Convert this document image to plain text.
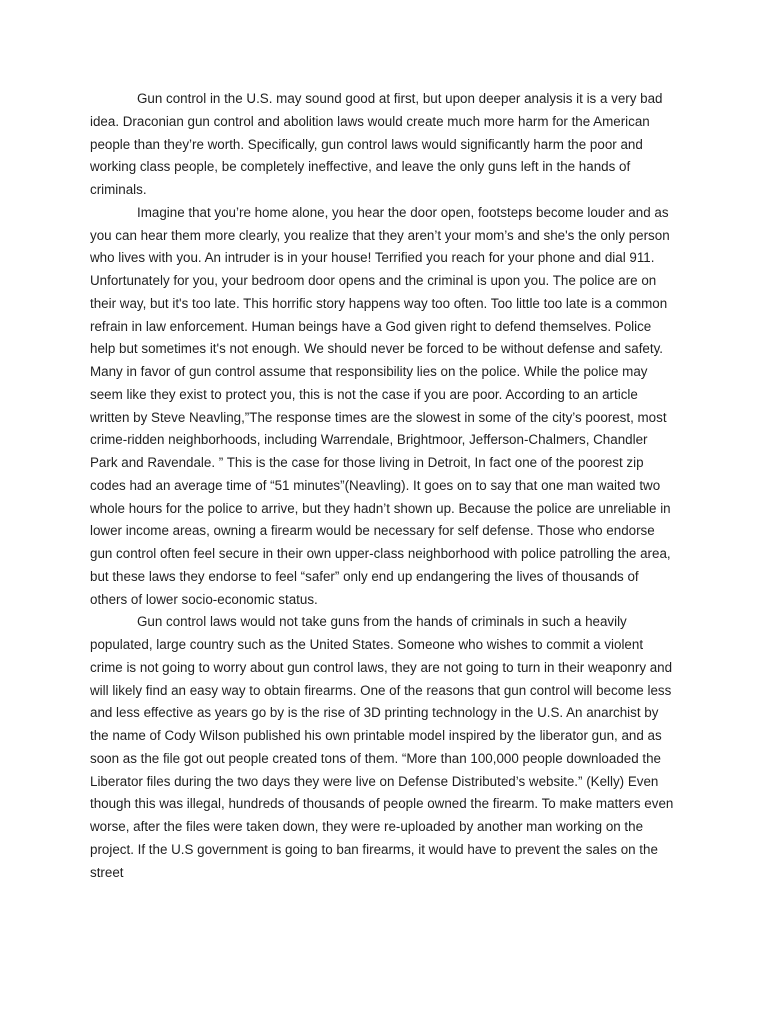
Gun control in the U.S. may sound good at first, but upon deeper analysis it is a very bad idea. Draconian gun control and abolition laws would create much more harm for the American people than they’re worth. Specifically, gun control laws would significantly harm the poor and working class people, be completely ineffective, and leave the only guns left in the hands of criminals.

Imagine that you’re home alone, you hear the door open, footsteps become louder and as you can hear them more clearly, you realize that they aren’t your mom’s and she's the only person who lives with you. An intruder is in your house! Terrified you reach for your phone and dial 911. Unfortunately for you, your bedroom door opens and the criminal is upon you. The police are on their way, but it's too late. This horrific story happens way too often. Too little too late is a common refrain in law enforcement. Human beings have a God given right to defend themselves. Police help but sometimes it's not enough. We should never be forced to be without defense and safety. Many in favor of gun control assume that responsibility lies on the police. While the police may seem like they exist to protect you, this is not the case if you are poor. According to an article written by Steve Neavling,”The response times are the slowest in some of the city’s poorest, most crime-ridden neighborhoods, including Warrendale, Brightmoor, Jefferson-Chalmers, Chandler Park and Ravendale. ” This is the case for those living in Detroit, In fact one of the poorest zip codes had an average time of “51 minutes”(Neavling). It goes on to say that one man waited two whole hours for the police to arrive, but they hadn’t shown up. Because the police are unreliable in lower income areas, owning a firearm would be necessary for self defense. Those who endorse gun control often feel secure in their own upper-class neighborhood with police patrolling the area, but these laws they endorse to feel “safer” only end up endangering the lives of thousands of others of lower socio-economic status.

Gun control laws would not take guns from the hands of criminals in such a heavily populated, large country such as the United States. Someone who wishes to commit a violent crime is not going to worry about gun control laws, they are not going to turn in their weaponry and will likely find an easy way to obtain firearms. One of the reasons that gun control will become less and less effective as years go by is the rise of 3D printing technology in the U.S. An anarchist by the name of Cody Wilson published his own printable model inspired by the liberator gun, and as soon as the file got out people created tons of them. “More than 100,000 people downloaded the Liberator files during the two days they were live on Defense Distributed’s website.” (Kelly) Even though this was illegal, hundreds of thousands of people owned the firearm. To make matters even worse, after the files were taken down, they were re-uploaded by another man working on the project. If the U.S government is going to ban firearms, it would have to prevent the sales on the street
